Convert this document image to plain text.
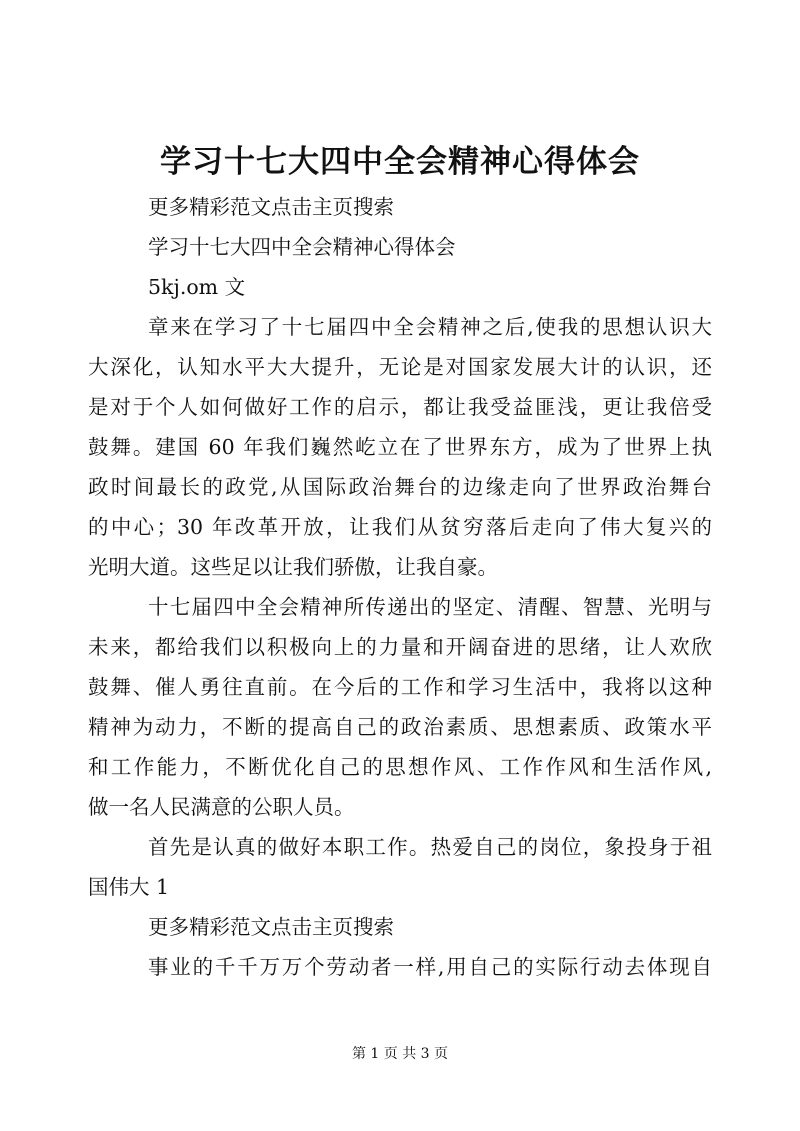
学习十七大四中全会精神心得体会

更多精彩范文点击主页搜索

学习十七大四中全会精神心得体会

5kj.om 文

章来在学习了十七届四中全会精神之后,使我的思想认识大

大深化，认知水平大大提升，无论是对国家发展大计的认识，还

是对于个人如何做好工作的启示，都让我受益匪浅，更让我倍受

鼓舞。建国 60 年我们巍然屹立在了世界东方，成为了世界上执

政时间最长的政党,从国际政治舞台的边缘走向了世界政治舞台

的中心；30 年改革开放，让我们从贫穷落后走向了伟大复兴的

光明大道。这些足以让我们骄傲，让我自豪。

十七届四中全会精神所传递出的坚定、清醒、智慧、光明与

未来，都给我们以积极向上的力量和开阔奋进的思绪，让人欢欣

鼓舞、催人勇往直前。在今后的工作和学习生活中，我将以这种

精神为动力，不断的提高自己的政治素质、思想素质、政策水平

和工作能力，不断优化自己的思想作风、工作作风和生活作风,

做一名人民满意的公职人员。

首先是认真的做好本职工作。热爱自己的岗位，象投身于祖

国伟大 1

更多精彩范文点击主页搜索

事业的千千万万个劳动者一样,用自己的实际行动去体现自

第 1 页 共 3 页
